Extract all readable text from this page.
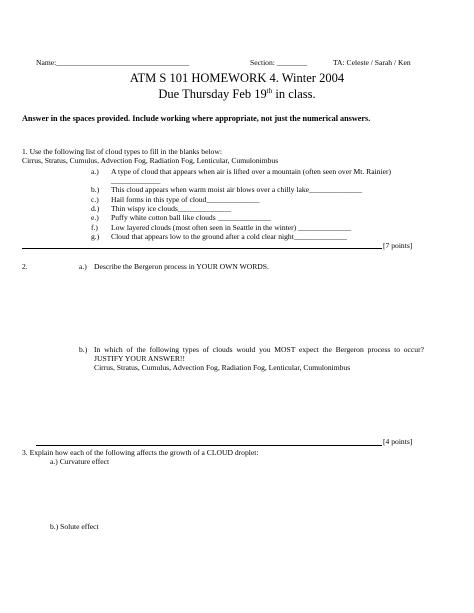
Name:___________________________________	Section: ________	TA: Celeste / Sarah / Ken
ATM S 101 HOMEWORK 4. Winter 2004
Due Thursday Feb 19th in class.
Answer in the spaces provided. Include working where appropriate, not just the numerical answers.
1. Use the following list of cloud types to fill in the blanks below:
Cirrus, Stratus, Cumulus, Advection Fog, Radiation Fog, Lenticular, Cumulonimbus
a.) A type of cloud that appears when air is lifted over a mountain (often seen over Mt. Rainier)
_____________
b.) This cloud appears when warm moist air blows over a chilly lake______________
c.) Hail forms in this type of cloud______________
d.) Thin wispy ice clouds______________
e.) Puffy white cotton ball like clouds ______________
f.) Low layered clouds (most often seen in Seattle in the winter) ______________
g.) Cloud that appears low to the ground after a cold clear night______________
[7 points]
2.	a.) Describe the Bergeron process in YOUR OWN WORDS.
b.) In which of the following types of clouds would you MOST expect the Bergeron process to occur? JUSTIFY YOUR ANSWER!!
Cirrus, Stratus, Cumulus, Advection Fog, Radiation Fog, Lenticular, Cumulonimbus
[4 points]
3. Explain how each of the following affects the growth of a CLOUD droplet:
a.) Curvature effect
b.) Solute effect
